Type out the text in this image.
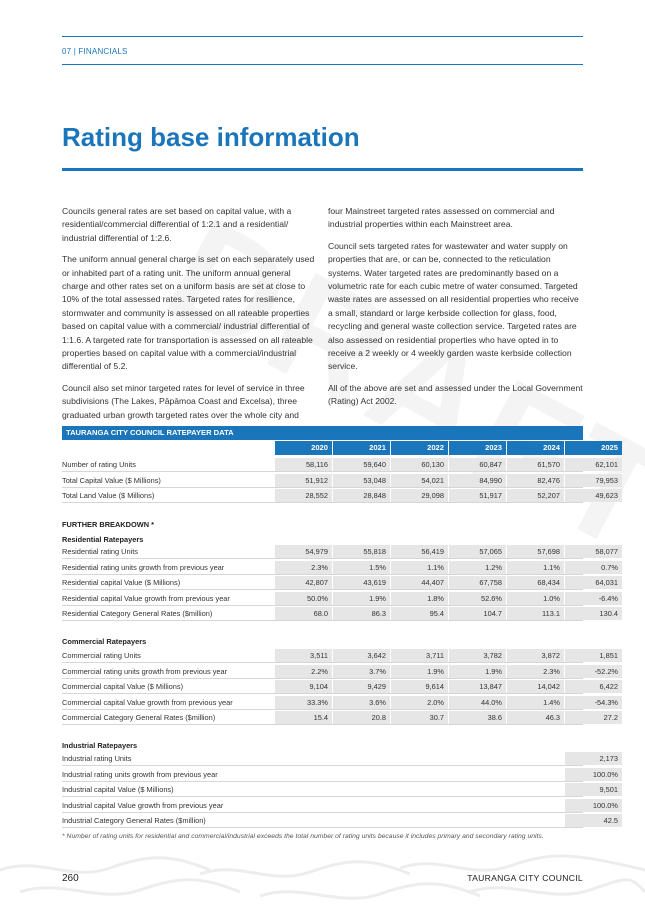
07 | FINANCIALS
Rating base information

Councils general rates are set based on capital value, with a residential/commercial differential of 1:2.1 and a residential/ industrial differential of 1:2.6.

The uniform annual general charge is set on each separately used or inhabited part of a rating unit. The uniform annual general charge and other rates set on a uniform basis are set at close to 10% of the total assessed rates. Targeted rates for resilience, stormwater and community is assessed on all rateable properties based on capital value with a commercial/ industrial differential of 1:1.6. A targeted rate for transportation is assessed on all rateable properties based on capital value with a commercial/industrial differential of 5.2.

Council also set minor targeted rates for level of service in three subdivisions (The Lakes, Pāpāmoa Coast and Excelsa), three graduated urban growth targeted rates over the whole city and

four Mainstreet targeted rates assessed on commercial and industrial properties within each Mainstreet area.

Council sets targeted rates for wastewater and water supply on properties that are, or can be, connected to the reticulation systems. Water targeted rates are predominantly based on a volumetric rate for each cubic metre of water consumed. Targeted waste rates are assessed on all residential properties who receive a small, standard or large kerbside collection for glass, food, recycling and general waste collection service. Targeted rates are also assessed on residential properties who have opted in to receive a 2 weekly or 4 weekly garden waste kerbside collection service.

All of the above are set and assessed under the Local Government (Rating) Act 2002.

TAURANGA CITY COUNCIL RATEPAYER DATA
2020	2021	2022	2023	2024	2025
Number of rating Units	58,116	59,640	60,130	60,847	61,570	62,101
Total Capital Value ($ Millions)	51,912	53,048	54,021	84,990	82,476	79,953
Total Land Value ($ Millions)	28,552	28,848	29,098	51,917	52,207	49,623
FURTHER BREAKDOWN *
Residential Ratepayers
Residential rating Units	54,979	55,818	56,419	57,065	57,698	58,077
Residential rating units growth from previous year	2.3%	1.5%	1.1%	1.2%	1.1%	0.7%
Residential capital Value ($ Millions)	42,807	43,619	44,407	67,758	68,434	64,031
Residential capital Value growth from previous year	50.0%	1.9%	1.8%	52.6%	1.0%	-6.4%
Residential Category General Rates ($million)	68.0	86.3	95.4	104.7	113.1	130.4
Commercial Ratepayers
Commercial rating Units	3,511	3,642	3,711	3,782	3,872	1,851
Commercial rating units growth from previous year	2.2%	3.7%	1.9%	1.9%	2.3%	-52.2%
Commercial capital Value ($ Millions)	9,104	9,429	9,614	13,847	14,042	6,422
Commercial capital Value growth from previous year	33.3%	3.6%	2.0%	44.0%	1.4%	-54.3%
Commercial Category General Rates ($million)	15.4	20.8	30.7	38.6	46.3	27.2
Industrial Ratepayers
Industrial rating Units	2,173
Industrial rating units growth from previous year	100.0%
Industrial capital Value ($ Millions)	9,501
Industrial capital Value growth from previous year	100.0%
Industrial Category General Rates ($million)	42.5
* Number of rating units for residential and commercial/industrial exceeds the total number of rating units because it includes primary and secondary rating units.
260	TAURANGA CITY COUNCIL
